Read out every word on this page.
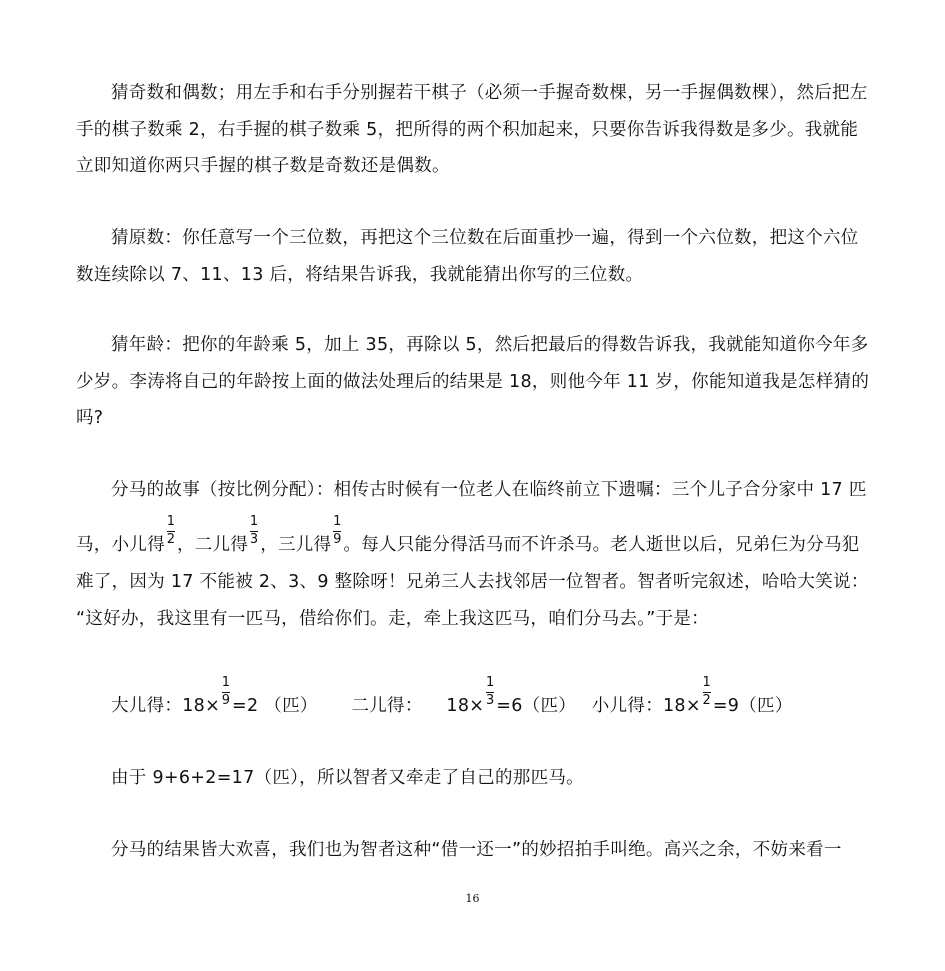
猜奇数和偶数；用左手和右手分别握若干棋子（必须一手握奇数棵，另一手握偶数棵），然后把左
手的棋子数乘 2，右手握的棋子数乘 5，把所得的两个积加起来，只要你告诉我得数是多少。我就能
立即知道你两只手握的棋子数是奇数还是偶数。
猜原数：你任意写一个三位数，再把这个三位数在后面重抄一遍，得到一个六位数，把这个六位
数连续除以 7、11、13 后，将结果告诉我，我就能猜出你写的三位数。
猜年龄：把你的年龄乘 5，加上 35，再除以 5，然后把最后的得数告诉我，我就能知道你今年多
少岁。李涛将自己的年龄按上面的做法处理后的结果是 18，则他今年 11 岁，你能知道我是怎样猜的
吗?
分马的故事（按比例分配）：相传古时候有一位老人在临终前立下遗嘱：三个儿子合分家中 17 匹
马，小儿得 $\frac{1}{2}$ ，二儿得 $\frac{1}{3}$ ，三儿得 $\frac{1}{9}$ 。每人只能分得活马而不许杀马。老人逝世以后，兄弟仨为分马犯
难了，因为 17 不能被 2、3、9 整除呀！兄弟三人去找邻居一位智者。智者听完叙述，哈哈大笑说：
“这好办，我这里有一匹马，借给你们。走，牵上我这匹马，咱们分马去。”于是：
大儿得：$18\times \frac{1}{9} =2$ （匹） 二儿得： $18\times \frac{1}{3} =6$（匹） 小儿得：$18\times \frac{1}{2} =9$（匹）
由于 9+6+2=17（匹），所以智者又牵走了自己的那匹马。
分马的结果皆大欢喜，我们也为智者这种“借一还一”的妙招拍手叫绝。高兴之余，不妨来看一
16
